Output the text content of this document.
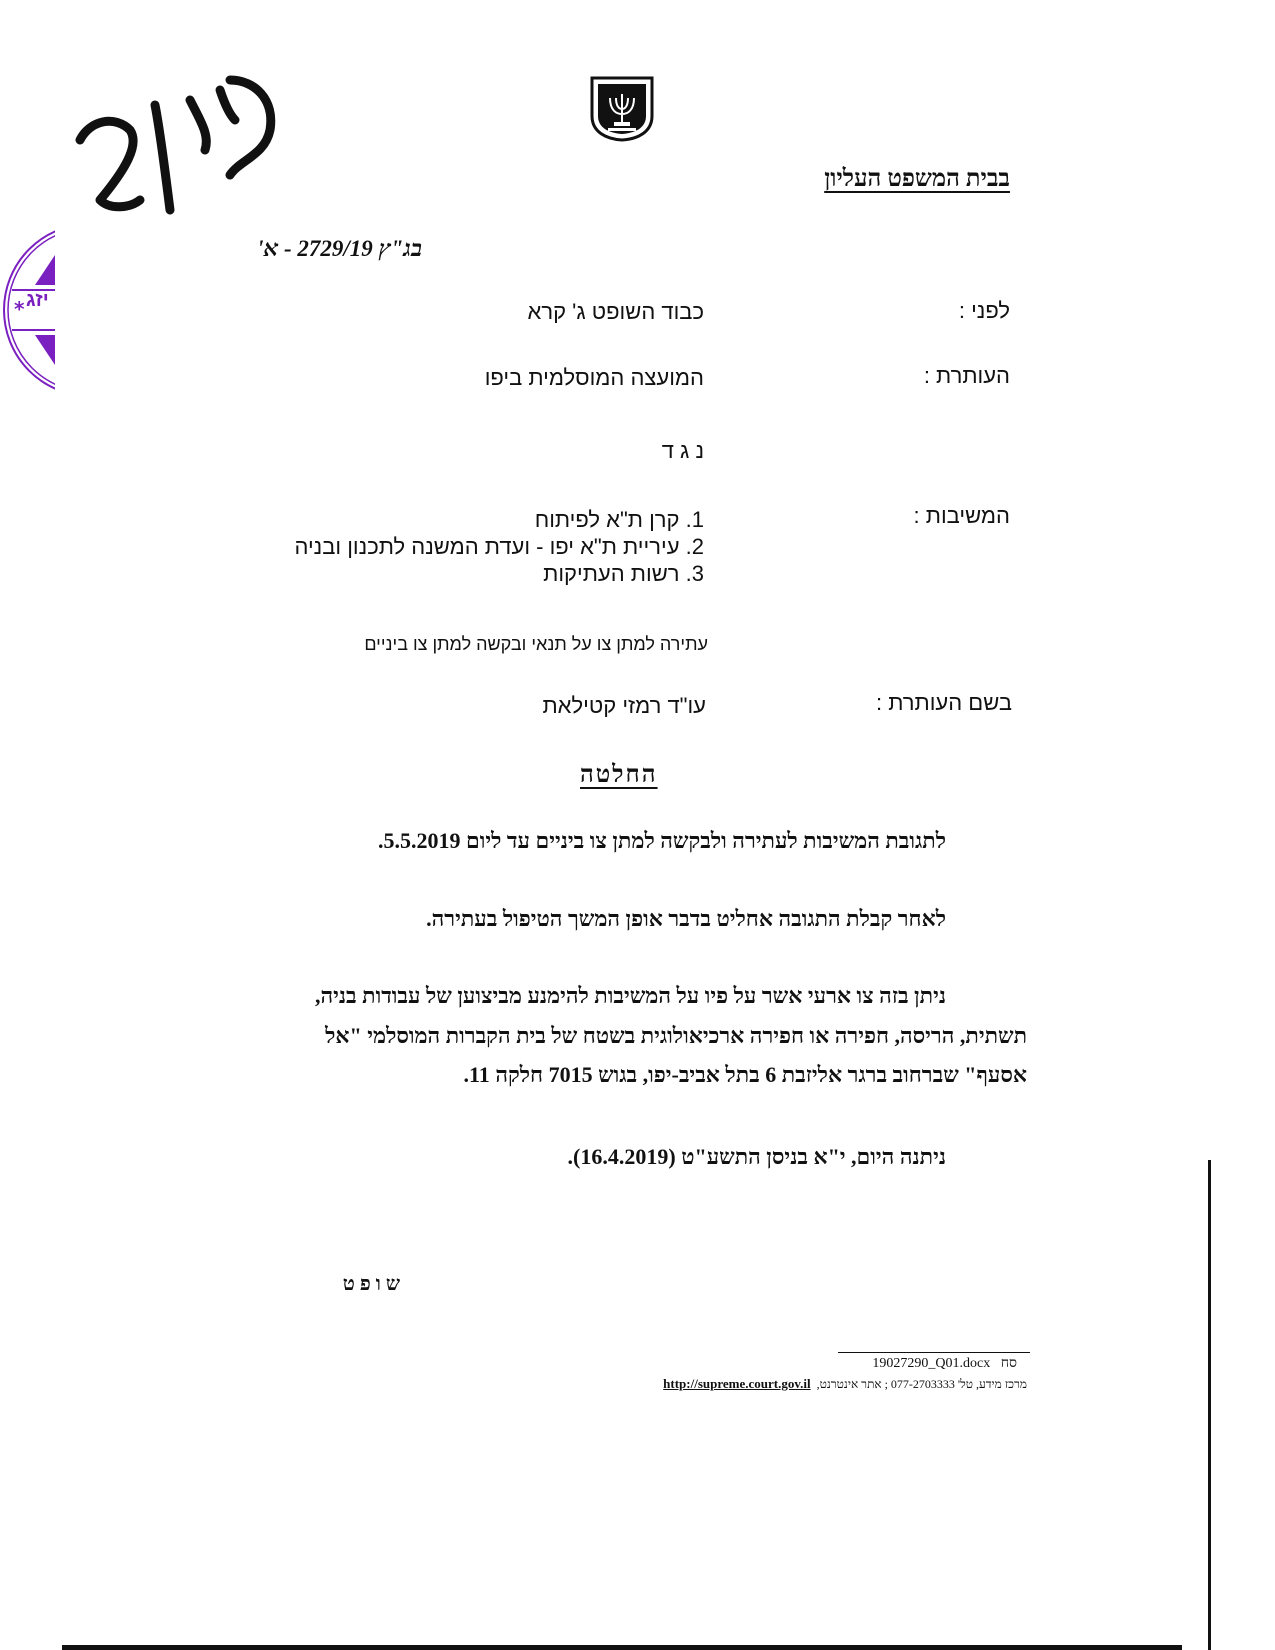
* יזג
בבית המשפט העליון
בג"ץ 2729/19 - א'
לפני :
כבוד השופט ג' קרא
העותרת :
המועצה המוסלמית ביפו
נ ג ד
המשיבות :
1. קרן ת"א לפיתוח
2. עיריית ת"א יפו - ועדת המשנה לתכנון ובניה
3. רשות העתיקות
עתירה למתן צו על תנאי ובקשה למתן צו ביניים
בשם העותרת :
עו"ד רמזי קטילאת
החלטה
לתגובת המשיבות לעתירה ולבקשה למתן צו ביניים עד ליום 5.5.2019.
לאחר קבלת התגובה אחליט בדבר אופן המשך הטיפול בעתירה.
ניתן בזה צו ארעי אשר על פיו על המשיבות להימנע מביצוען של עבודות בניה,
תשתית, הריסה, חפירה או חפירה ארכיאולוגית בשטח של בית הקברות המוסלמי "אל
אסעף" שברחוב ברגר אליזבת 6 בתל אביב-יפו, בגוש 7015 חלקה 11.
ניתנה היום, י"א בניסן התשע"ט (16.4.2019).
ש ו פ ט
סח   19027290_Q01.docx
מרכז מידע, טל' 077-2703333 ; אתר אינטרנט,  http://supreme.court.gov.il
